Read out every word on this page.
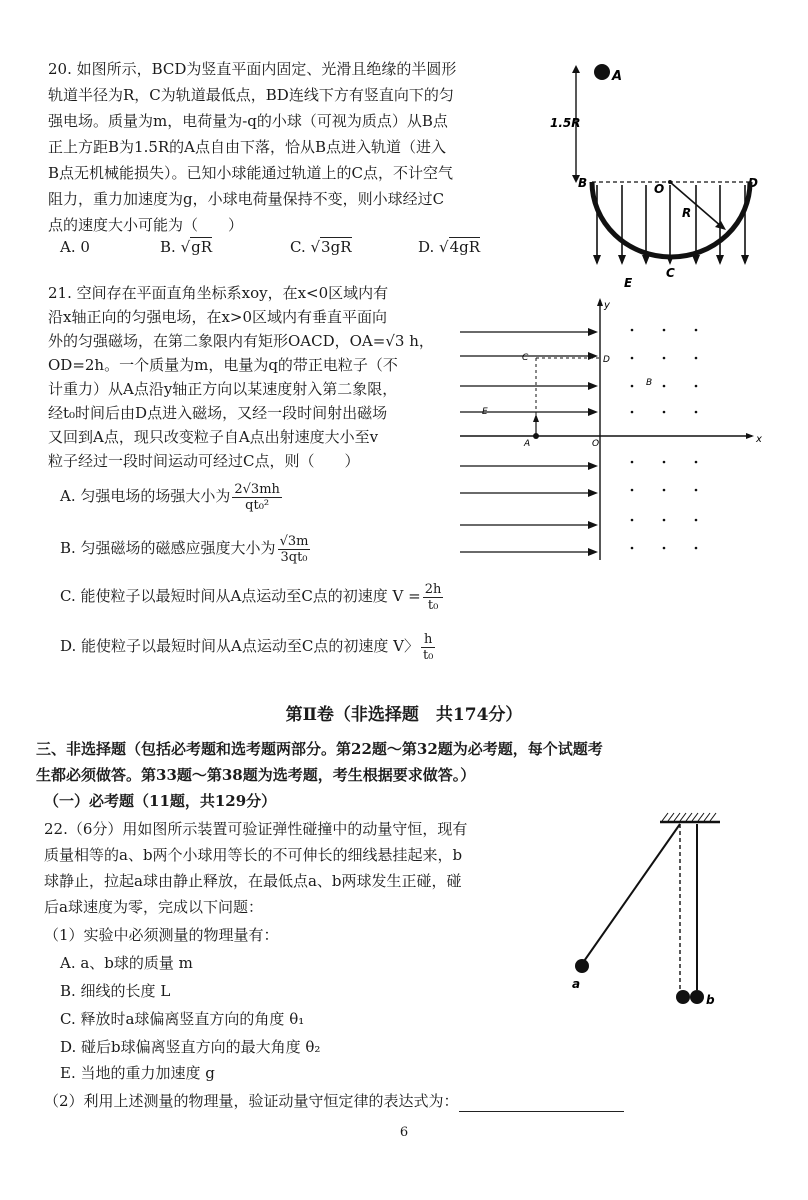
20. 如图所示，BCD为竖直平面内固定、光滑且绝缘的半圆形
轨道半径为R，C为轨道最低点，BD连线下方有竖直向下的匀
强电场。质量为m，电荷量为-q的小球（可视为质点）从B点
正上方距B为1.5R的A点自由下落，恰从B点进入轨道（进入
B点无机械能损失）。已知小球能通过轨道上的C点，不计空气
阻力，重力加速度为g，小球电荷量保持不变，则小球经过C
点的速度大小可能为（　　）
A. 0	B. √gR	C. √3gR	D. √4gR
A
1.5R
B	O	D
R
C
E
21. 空间存在平面直角坐标系xoy，在x<0区域内有
沿x轴正向的匀强电场，在x>0区域内有垂直平面向
外的匀强磁场，在第二象限内有矩形OACD，OA=√3 h，
OD=2h。一个质量为m，电量为q的带正电粒子（不
计重力）从A点沿y轴正方向以某速度射入第二象限，
经t₀时间后由D点进入磁场，又经一段时间射出磁场
又回到A点，现只改变粒子自A点出射速度大小至v
粒子经过一段时间运动可经过C点，则（　　）
A. 匀强电场的场强大小为 $\frac{2√3mh}{\text{qt₀²}}$
B. 匀强磁场的磁感应强度大小为 $\frac{√3m}{\text{3qt₀}}$
C. 能使粒子以最短时间从A点运动至C点的初速度 $V = \frac{2h}{\text{t₀}}$
D. 能使粒子以最短时间从A点运动至C点的初速度 V〉 $\frac{h}{\text{t₀}}$
y
x
E
C	D
B
A	O
第Ⅱ卷（非选择题　共174分）
三、非选择题（包括必考题和选考题两部分。第22题～第32题为必考题，每个试题考
生都必须做答。第33题～第38题为选考题，考生根据要求做答。）
（一）必考题（11题，共129分）
22.（6分）用如图所示装置可验证弹性碰撞中的动量守恒，现有
质量相等的a、b两个小球用等长的不可伸长的细线悬挂起来，b
球静止，拉起a球由静止释放，在最低点a、b两球发生正碰，碰
后a球速度为零，完成以下问题：
（1）实验中必须测量的物理量有：
A. a、b球的质量 m
B. 细线的长度 L
C. 释放时a球偏离竖直方向的角度 θ₁
D. 碰后b球偏离竖直方向的最大角度 θ₂
E. 当地的重力加速度 g
（2）利用上述测量的物理量，验证动量守恒定律的表达式为：
a
b
6
